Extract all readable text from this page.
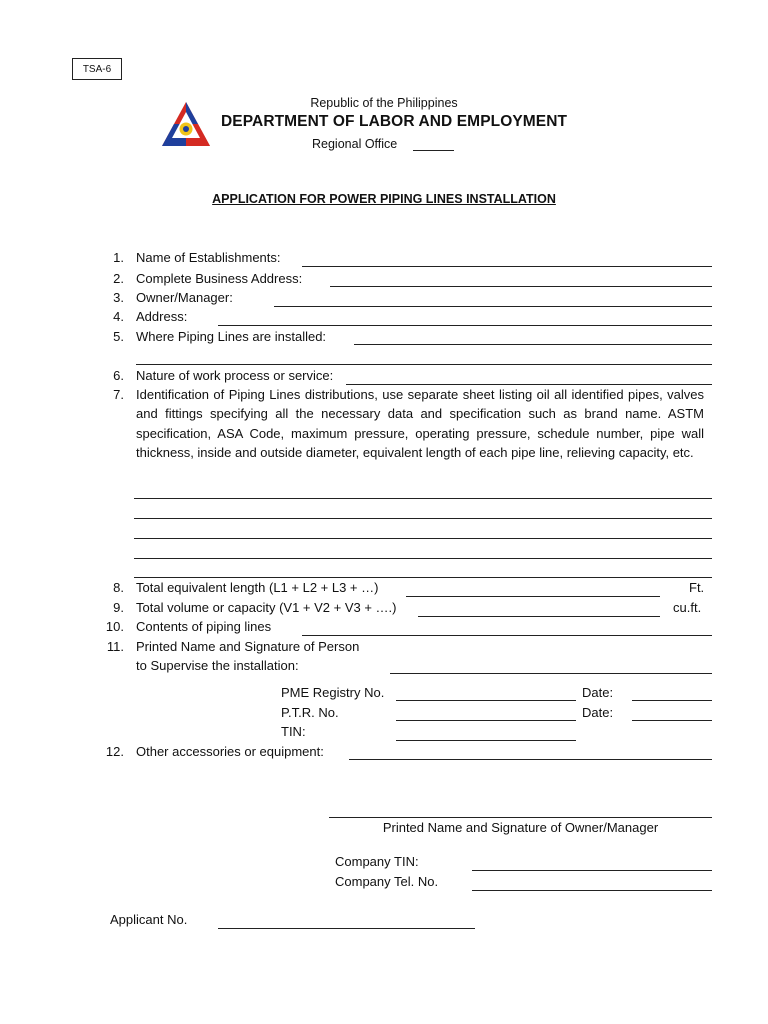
TSA-6
Republic of the Philippines
DEPARTMENT OF LABOR AND EMPLOYMENT
Regional Office
APPLICATION FOR POWER PIPING LINES INSTALLATION
1. Name of Establishments:
2. Complete Business Address:
3. Owner/Manager:
4. Address:
5. Where Piping Lines are installed:
6. Nature of work process or service:
7. Identification of Piping Lines distributions, use separate sheet listing oil all identified pipes, valves and fittings specifying all the necessary data and specification such as brand name. ASTM specification, ASA Code, maximum pressure, operating pressure, schedule number, pipe wall thickness, inside and outside diameter, equivalent length of each pipe line, relieving capacity, etc.
8. Total equivalent length (L1 + L2 + L3 + …)	Ft.
9. Total volume or capacity (V1 + V2 + V3 + ….)	cu.ft.
10. Contents of piping lines
11. Printed Name and Signature of Person
to Supervise the installation:
PME Registry No.	Date:
P.T.R. No.	Date:
TIN:
12. Other accessories or equipment:
Printed Name and Signature of Owner/Manager
Company TIN:
Company Tel. No.
Applicant No.
